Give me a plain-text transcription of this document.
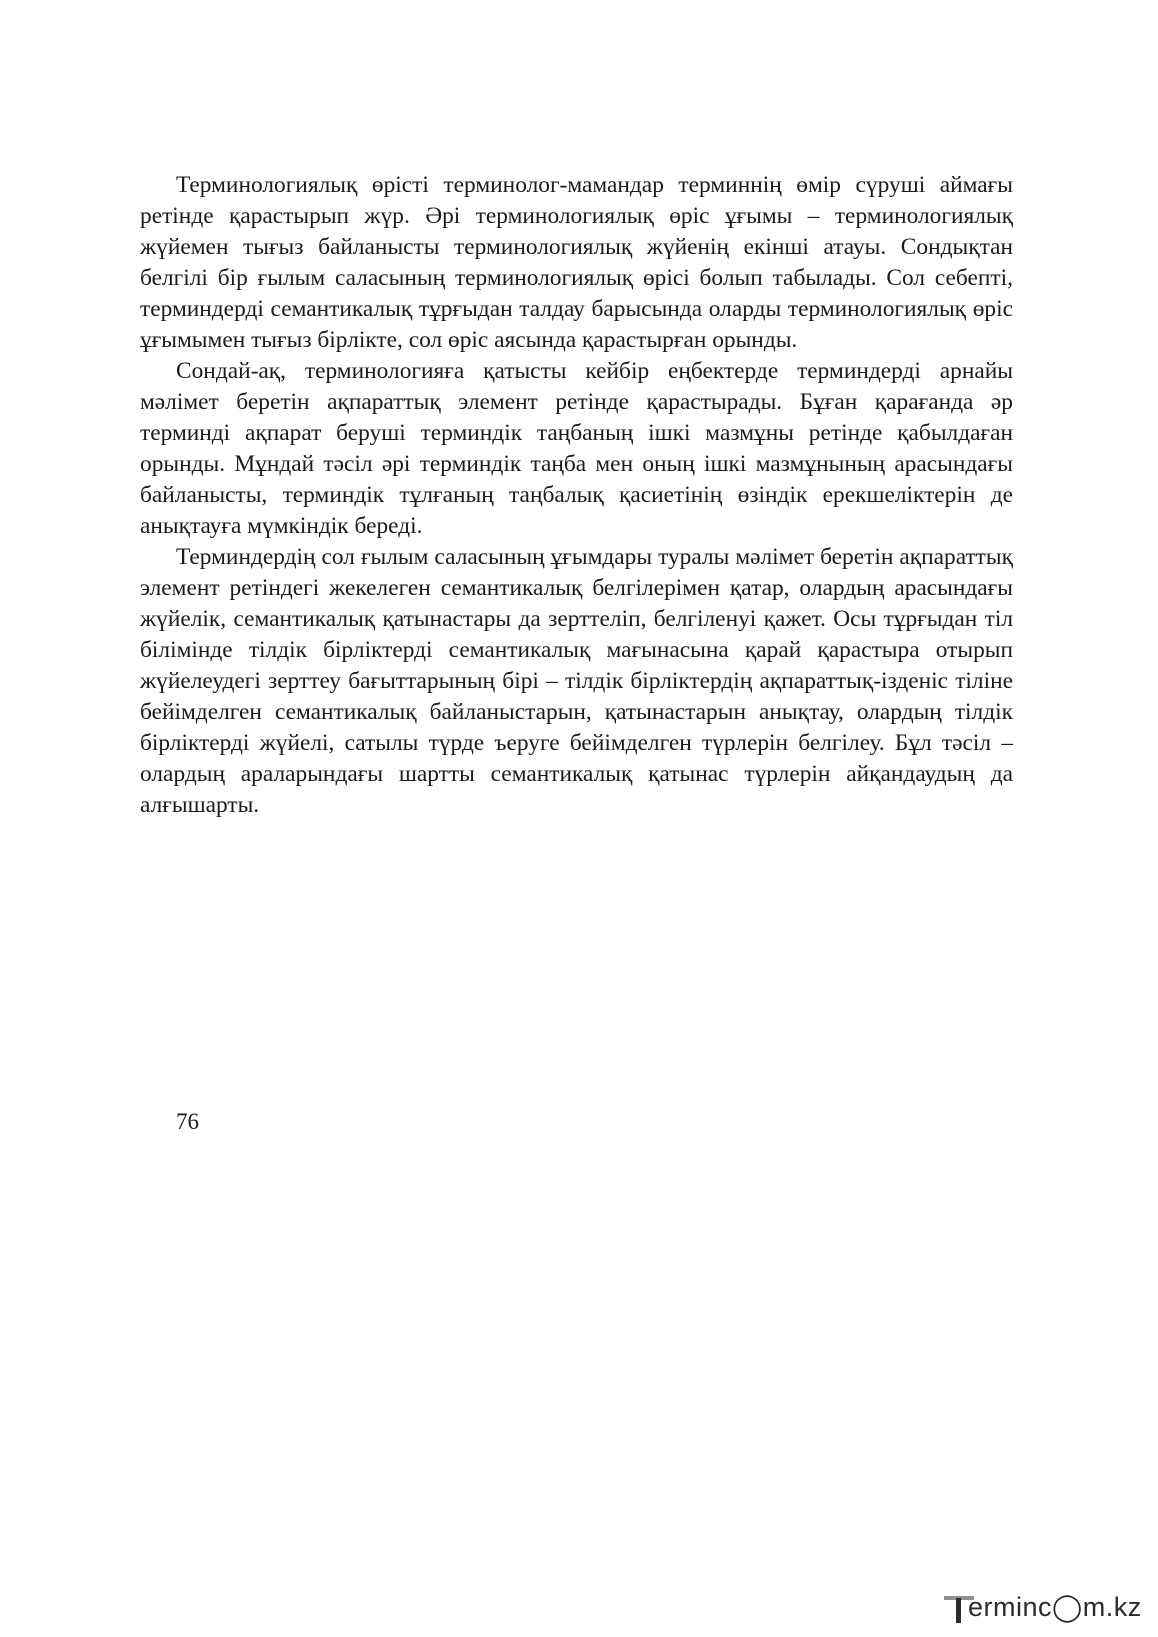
Терминологиялық өрісті терминолог-мамандар терминнің өмір сүруші аймағы ретінде қарастырып жүр. Әрі терминологиялық өріс ұғымы – терминологиялық жүйемен тығыз байланысты терминологиялық жүйенің екінші атауы. Сондықтан белгілі бір ғылым саласының терминологиялық өрісі болып табылады. Сол себепті, терминдерді семантикалық тұрғыдан талдау барысында оларды терминологиялық өріс ұғымымен тығыз бірлікте, сол өріс аясында қарастырған орынды.

Сондай-ақ, терминологияға қатысты кейбір еңбектерде терминдерді арнайы мәлімет беретін ақпараттық элемент ретінде қарастырады. Бұған қарағанда әр терминді ақпарат беруші терминдік таңбаның ішкі мазмұны ретінде қабылдаған орынды. Мұндай тәсіл әрі терминдік таңба мен оның ішкі мазмұнының арасындағы байланысты, терминдік тұлғаның таңбалық қасиетінің өзіндік ерекшеліктерін де анықтауға мүмкіндік береді.

Терминдердің сол ғылым саласының ұғымдары туралы мәлімет беретін ақпараттық элемент ретіндегі жекелеген семантикалық белгілерімен қатар, олардың арасындағы жүйелік, семантикалық қатынастары да зерттеліп, белгіленуі қажет. Осы тұрғыдан тіл білімінде тілдік бірліктерді семантикалық мағынасына қарай қарастыра отырып жүйелеудегі зерттеу бағыттарының бірі – тілдік бірліктердің ақпараттық-ізденіс тіліне бейімделген семантикалық байланыстарын, қатынастарын анықтау, олардың тілдік бірліктерді жүйелі, сатылы түрде ъеруге бейімделген түрлерін белгілеу. Бұл тәсіл – олардың араларындағы шартты семантикалық қатынас түрлерін айқандаудың да алғышарты.

76
erminc◯m.kz
